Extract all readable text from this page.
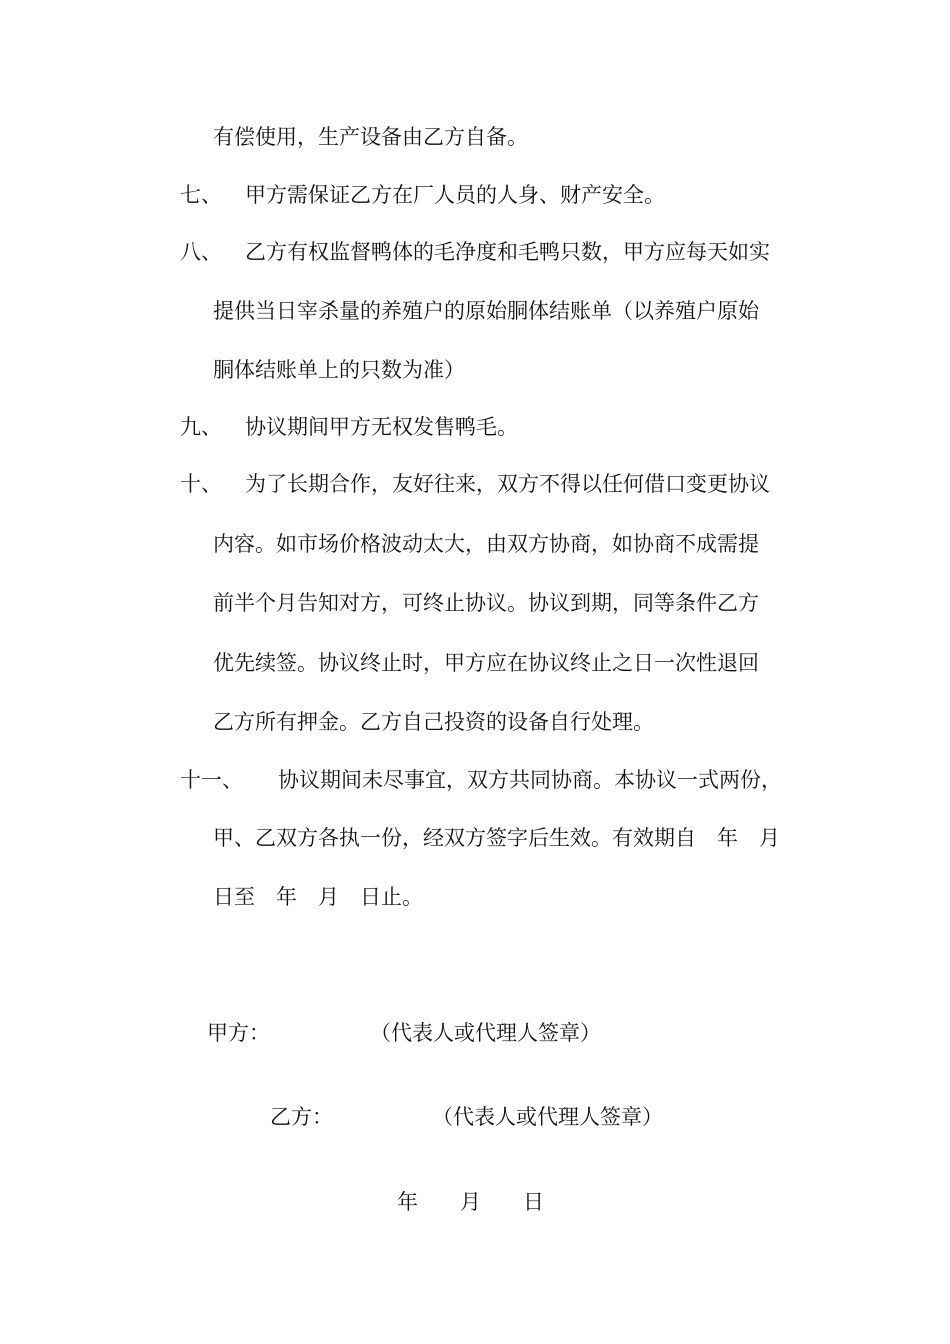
有偿使用，生产设备由乙方自备。

七、 甲方需保证乙方在厂人员的人身、财产安全。

八、 乙方有权监督鸭体的毛净度和毛鸭只数，甲方应每天如实

提供当日宰杀量的养殖户的原始胴体结账单（以养殖户原始

胴体结账单上的只数为准）

九、 协议期间甲方无权发售鸭毛。

十、 为了长期合作，友好往来，双方不得以任何借口变更协议

内容。如市场价格波动太大，由双方协商，如协商不成需提

前半个月告知对方，可终止协议。协议到期，同等条件乙方

优先续签。协议终止时，甲方应在协议终止之日一次性退回

乙方所有押金。乙方自己投资的设备自行处理。

十一、 协议期间未尽事宜，双方共同协商。本协议一式两份，

甲、乙双方各执一份，经双方签字后生效。有效期自　年　月

日至　年　月　日止。

甲方：	（代表人或代理人签章）
乙方：	（代表人或代理人签章）
年　　月　　日
